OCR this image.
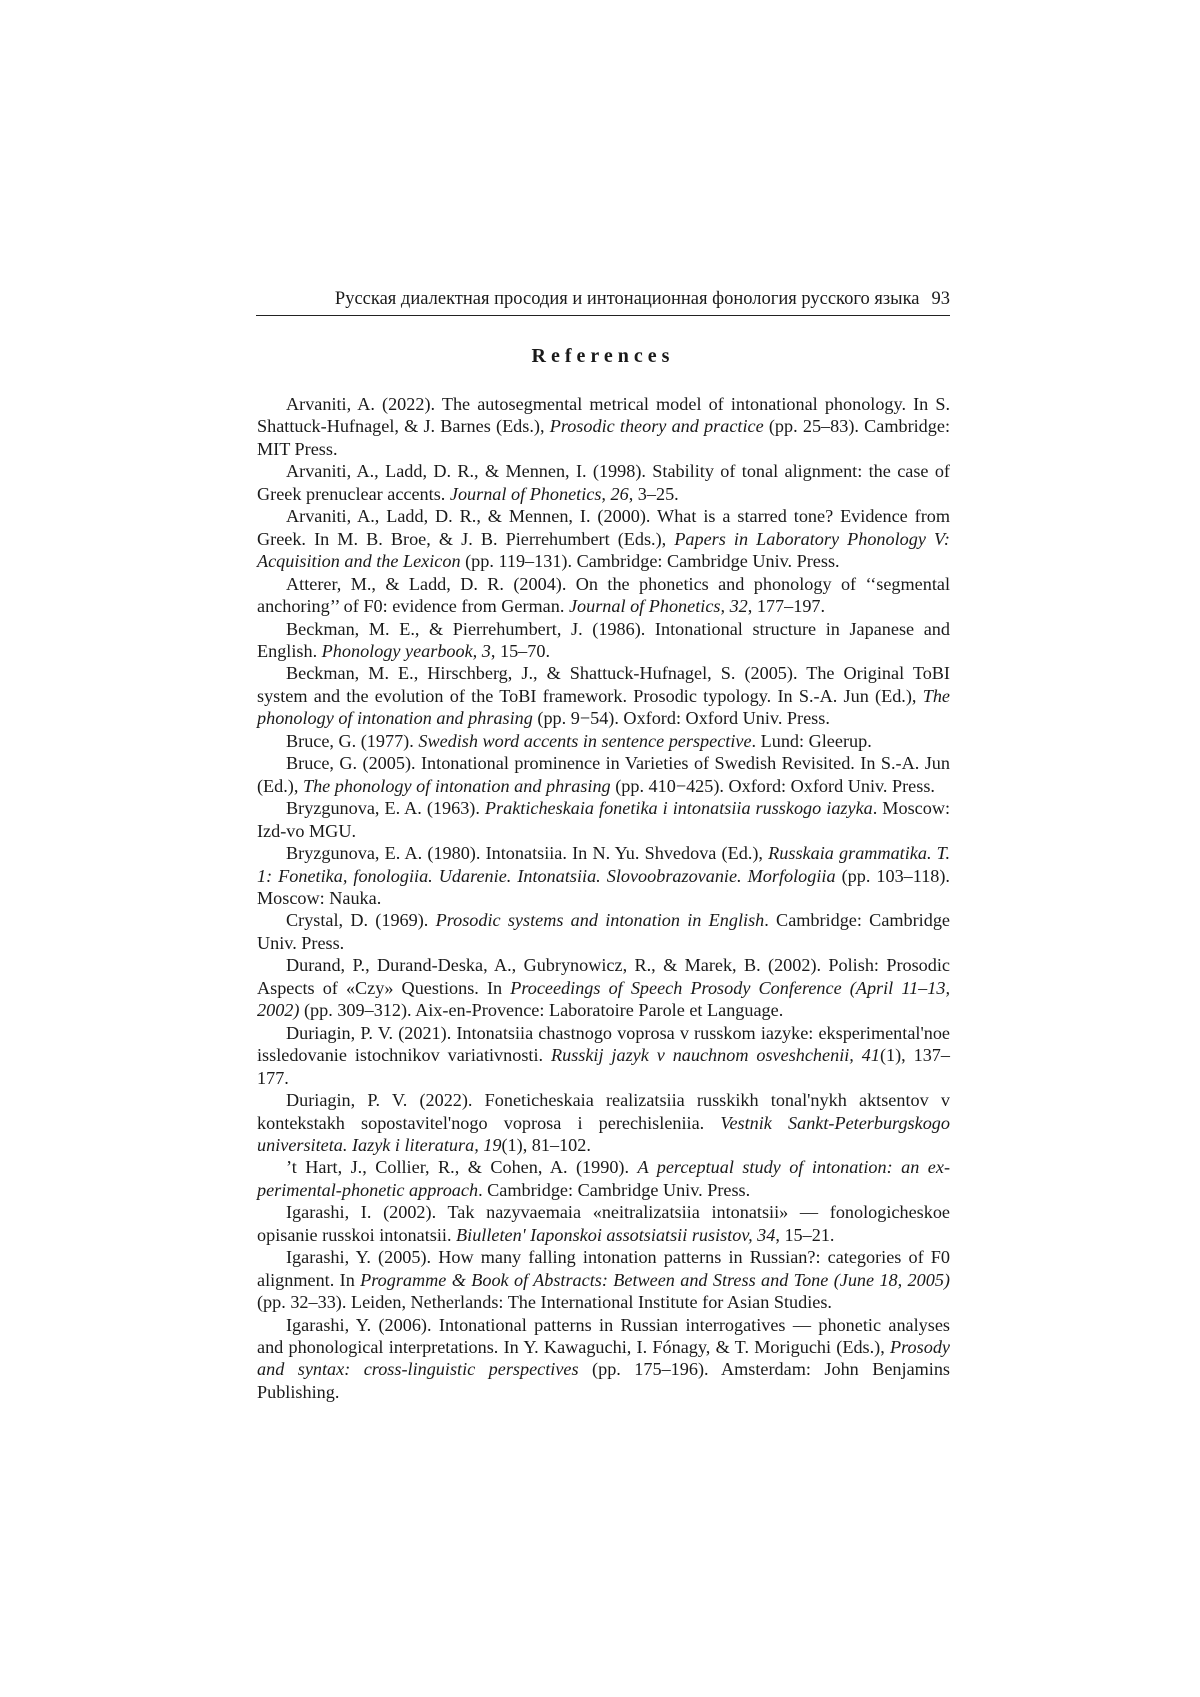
Русская диалектная просодия и интонационная фонология русского языка 93
References

Arvaniti, A. (2022). The autosegmental metrical model of intonational phonology. In S. Shattuck-Hufnagel, & J. Barnes (Eds.), Prosodic theory and practice (pp. 25–83). Cambridge: MIT Press.

Arvaniti, A., Ladd, D. R., & Mennen, I. (1998). Stability of tonal alignment: the case of Greek prenuclear accents. Journal of Phonetics, 26, 3–25.

Arvaniti, A., Ladd, D. R., & Mennen, I. (2000). What is a starred tone? Evidence from Greek. In M. B. Broe, & J. B. Pierrehumbert (Eds.), Papers in Laboratory Phonology V: Acquisition and the Lexicon (pp. 119–131). Cambridge: Cambridge Univ. Press.

Atterer, M., & Ladd, D. R. (2004). On the phonetics and phonology of ‘‘segmental anchoring’’ of F0: evidence from German. Journal of Phonetics, 32, 177–197.

Beckman, M. E., & Pierrehumbert, J. (1986). Intonational structure in Japanese and English. Phonology yearbook, 3, 15–70.

Beckman, M. E., Hirschberg, J., & Shattuck-Hufnagel, S. (2005). The Original ToBI system and the evolution of the ToBI framework. Prosodic typology. In S.-A. Jun (Ed.), The phonology of intonation and phrasing (pp. 9−54). Oxford: Oxford Univ. Press.

Bruce, G. (1977). Swedish word accents in sentence perspective. Lund: Gleerup.

Bruce, G. (2005). Intonational prominence in Varieties of Swedish Revisited. In S.-A. Jun (Ed.), The phonology of intonation and phrasing (pp. 410−425). Oxford: Oxford Univ. Press.

Bryzgunova, E. A. (1963). Prakticheskaia fonetika i intonatsiia russkogo iazyka. Moscow: Izd-vo MGU.

Bryzgunova, E. A. (1980). Intonatsiia. In N. Yu. Shvedova (Ed.), Russkaia grammatika. T. 1: Fonetika, fonologiia. Udarenie. Intonatsiia. Slovoobrazovanie. Morfologiia (pp. 103–118). Moscow: Nauka.

Crystal, D. (1969). Prosodic systems and intonation in English. Cambridge: Cambridge Univ. Press.

Durand, P., Durand-Deska, A., Gubrynowicz, R., & Marek, B. (2002). Polish: Prosodic Aspects of «Czy» Questions. In Proceedings of Speech Prosody Conference (April 11–13, 2002) (pp. 309–312). Aix-en-Provence: Laboratoire Parole et Language.

Duriagin, P. V. (2021). Intonatsiia chastnogo voprosa v russkom iazyke: eksperimental'noe issledovanie istochnikov variativnosti. Russkij jazyk v nauchnom osveshchenii, 41(1), 137–177.

Duriagin, P. V. (2022). Foneticheskaia realizatsiia russkikh tonal'nykh aktsentov v kontekstakh sopostavitel'nogo voprosa i perechisleniia. Vestnik Sankt-Peterburgskogo universiteta. Iazyk i literatura, 19(1), 81–102.

’t Hart, J., Collier, R., & Cohen, A. (1990). A perceptual study of intonation: an experimental-phonetic approach. Cambridge: Cambridge Univ. Press.

Igarashi, I. (2002). Tak nazyvaemaia «neitralizatsiia intonatsii» — fonologicheskoe opisanie russkoi intonatsii. Biulleten' Iaponskoi assotsiatsii rusistov, 34, 15–21.

Igarashi, Y. (2005). How many falling intonation patterns in Russian?: categories of F0 alignment. In Programme & Book of Abstracts: Between and Stress and Tone (June 18, 2005) (pp. 32–33). Leiden, Netherlands: The International Institute for Asian Studies.

Igarashi, Y. (2006). Intonational patterns in Russian interrogatives — phonetic analyses and phonological interpretations. In Y. Kawaguchi, I. Fónagy, & T. Moriguchi (Eds.), Prosody and syntax: cross-linguistic perspectives (pp. 175–196). Amsterdam: John Benjamins Publishing.
